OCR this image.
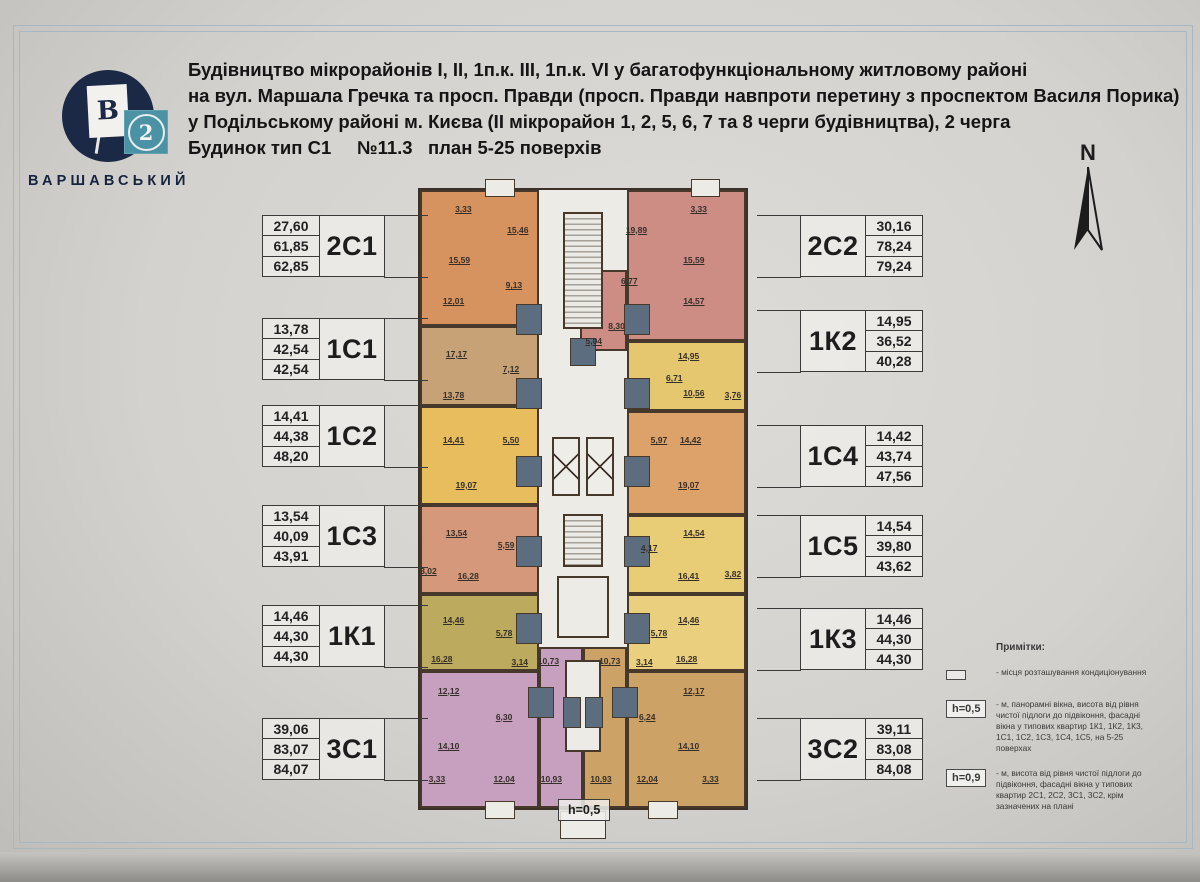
В
2
ВАРШАВСЬКИЙ
Будівництво мікрорайонів I, II, 1п.к. III, 1п.к. VI у багатофункціональному житловому районі
на вул. Маршала Гречка та просп. Правди (просп. Правди навпроти перетину з проспектом Василя Порика)
у Подільському районі м. Києва (II мікрорайон 1, 2, 5, 6, 7 та 8 черги будівництва), 2 черга
Будинок тип С1     №11.3   план 5-25 поверхів	N
3,33
15,46
15,59
9,13
12,01
3,33
19,89
15,59
6,77
14,57
8,30
5,04
17,17
7,12
13,78
14,95
6,71
10,56 3,76
14,41	5,50
19,07
5,97 14,42
19,07
13,54
5,59
16,28
3,02
14,54
4,17
16,41	3,82
14,46
5,78
16,28	3,14
14,46
5,78
16,28
3,14
12,12
10,73
6,30
14,10
3,33	12,04	10,93
10,73
6,24
12,17
14,10
10,93	12,04	3,33
27,60
61,85
62,85
2С1
13,78
42,54
42,54
1С1
14,41
44,38
48,20
1С2
13,54
40,09
43,91
1С3
14,46
44,30
44,30
1К1
39,06
83,07
84,07
3С1
2С2
30,16
78,24
79,24
1К2
14,95
36,52
40,28
1С4
14,42
43,74
47,56
1С5
14,54
39,80
43,62
1К3
14,46
44,30
44,30
3С2
39,11
83,08
84,08
Примітки:
- місця розташування кондиціонування
h=0,5	- м, панорамні вікна, висота від рівня чистої підлоги до підвіконня, фасадні вікна у типових квартир 1К1, 1К2, 1К3, 1С1, 1С2, 1С3, 1С4, 1С5, на 5-25 поверхах
h=0,9	- м, висота від рівня чистої підлоги до підвіконня, фасадні вікна у типових квартир 2С1, 2С2, 3С1, 3С2, крім зазначених на плані
h=0,5
